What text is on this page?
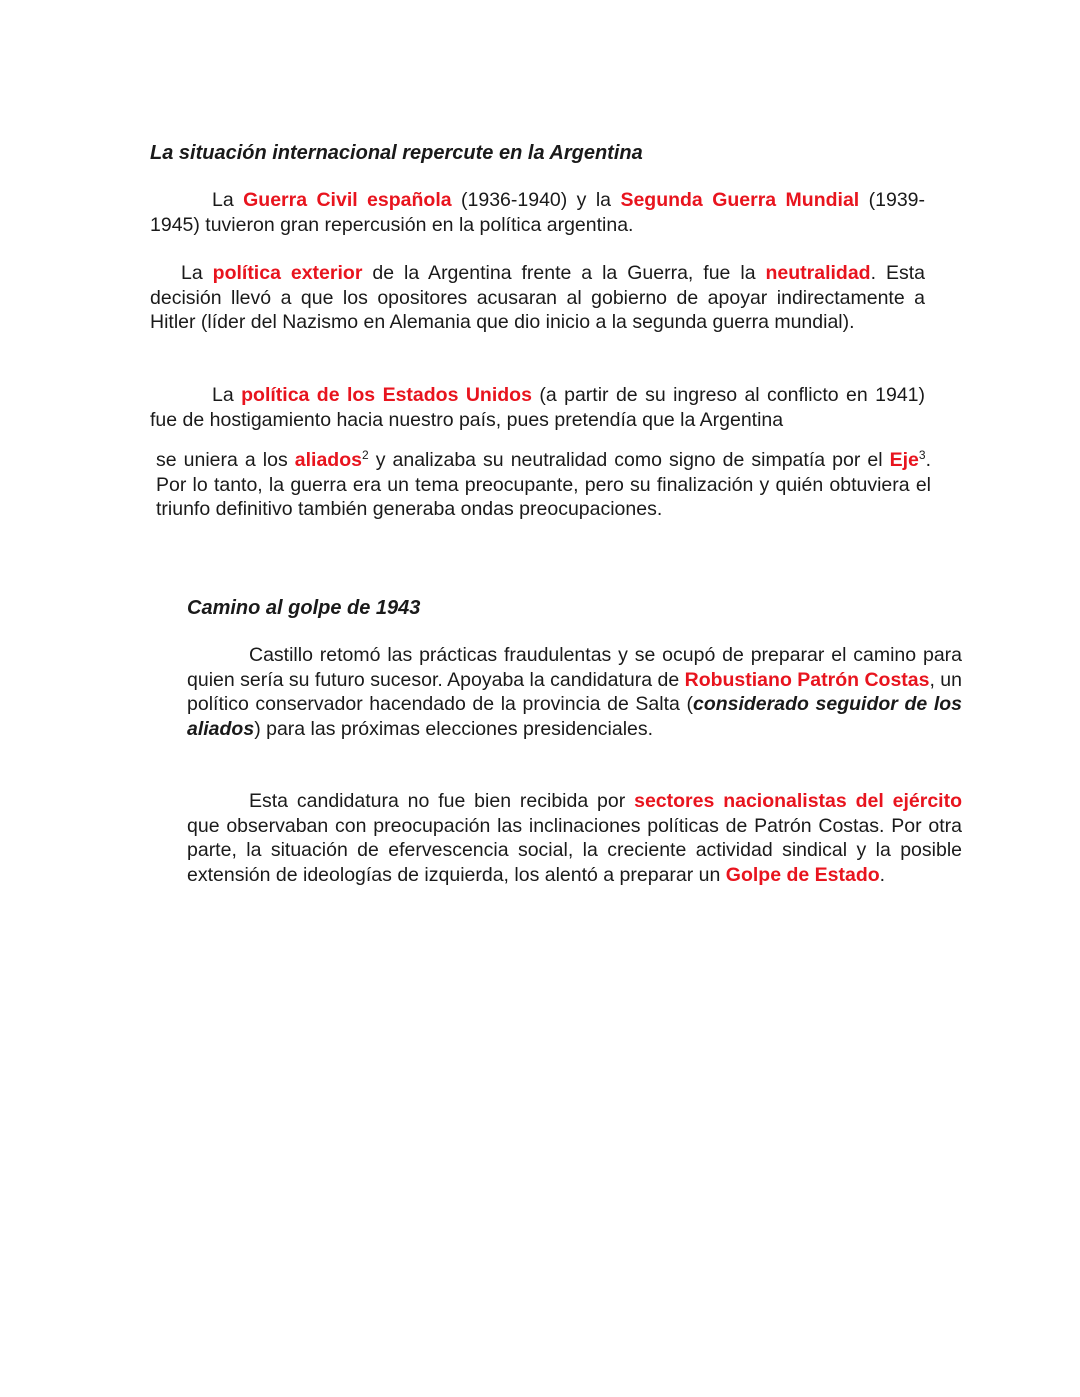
La situación internacional repercute en la Argentina

La Guerra Civil española (1936-1940) y la Segunda Guerra Mundial (1939-1945) tuvieron gran repercusión en la política argentina.

La política exterior de la Argentina frente a la Guerra, fue la neutralidad. Esta decisión llevó a que los opositores acusaran al gobierno de apoyar indirectamente a Hitler (líder del Nazismo en Alemania que dio inicio a la segunda guerra mundial).

La política de los Estados Unidos (a partir de su ingreso al conflicto en 1941) fue de hostigamiento hacia nuestro país, pues pretendía que la Argentina

se uniera a los aliados$^2$ y analizaba su neutralidad como signo de simpatía por el Eje$^3$. Por lo tanto, la guerra era un tema preocupante, pero su finalización y quién obtuviera el triunfo definitivo también generaba ondas preocupaciones.

Camino al golpe de 1943

Castillo retomó las prácticas fraudulentas y se ocupó de preparar el camino para quien sería su futuro sucesor. Apoyaba la candidatura de Robustiano Patrón Costas, un político conservador hacendado de la provincia de Salta (considerado seguidor de los aliados) para las próximas elecciones presidenciales.

Esta candidatura no fue bien recibida por sectores nacionalistas del ejército que observaban con preocupación las inclinaciones políticas de Patrón Costas. Por otra parte, la situación de efervescencia social, la creciente actividad sindical y la posible extensión de ideologías de izquierda, los alentó a preparar un Golpe de Estado.
